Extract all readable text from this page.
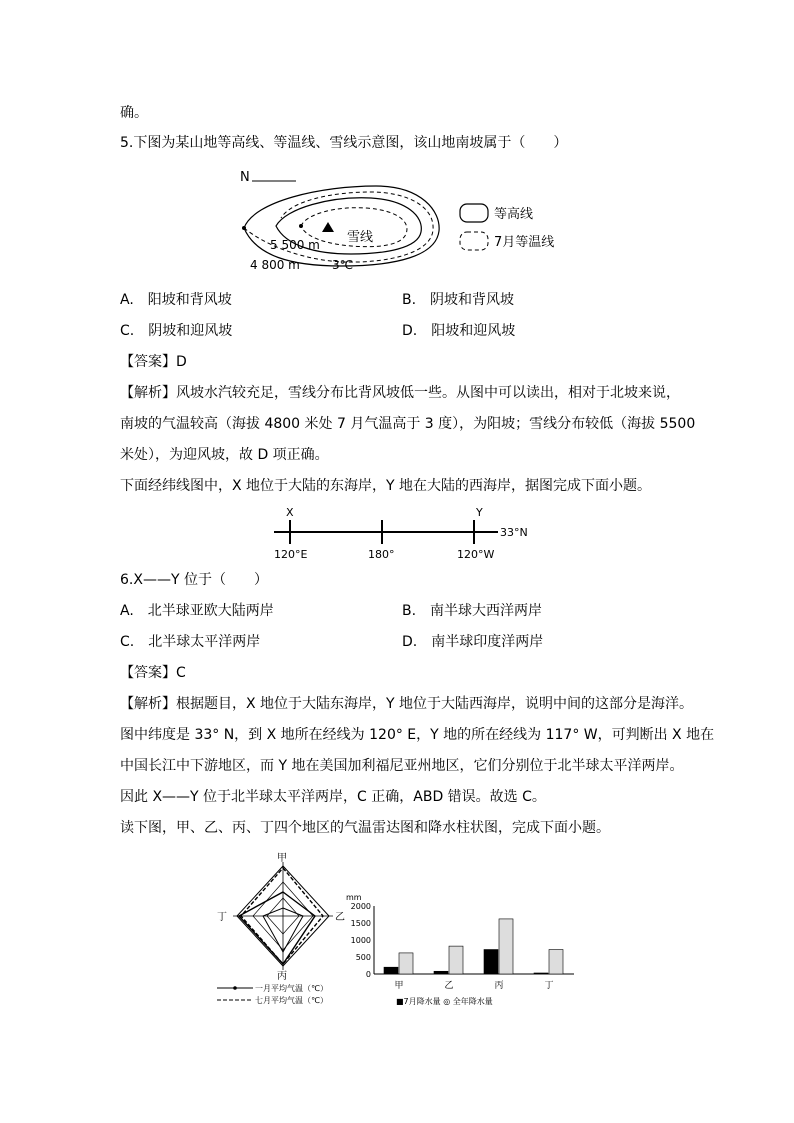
确。
5.下图为某山地等高线、等温线、雪线示意图，该山地南坡属于（　　）
N
雪线
5 500 m
4 800 m	3℃
等高线
7月等温线
A.　阳坡和背风坡	B.　阴坡和背风坡
C.　阴坡和迎风坡	D.　阳坡和迎风坡
【答案】D
【解析】风坡水汽较充足，雪线分布比背风坡低一些。从图中可以读出，相对于北坡来说，
南坡的气温较高（海拔 4800 米处 7 月气温高于 3 度），为阳坡；雪线分布较低（海拔 5500
米处），为迎风坡，故 D 项正确。
下面经纬线图中，X 地位于大陆的东海岸，Y 地在大陆的西海岸，据图完成下面小题。
X	Y
33°N
120°E	180°	120°W
6.X——Y 位于（　　）
A.　北半球亚欧大陆两岸	B.　南半球大西洋两岸
C.　北半球太平洋两岸	D.　南半球印度洋两岸
【答案】C
【解析】根据题目，X 地位于大陆东海岸，Y 地位于大陆西海岸，说明中间的这部分是海洋。
图中纬度是 33° N，到 X 地所在经线为 120° E，Y 地的所在经线为 117° W，可判断出 X 地在
中国长江中下游地区，而 Y 地在美国加利福尼亚州地区，它们分别位于北半球太平洋两岸。
因此 X——Y 位于北半球太平洋两岸，C 正确，ABD 错误。故选 C。
读下图，甲、乙、丙、丁四个地区的气温雷达图和降水柱状图，完成下面小题。
甲
丁	乙
丙
一月平均气温（℃）
七月平均气温（℃）
mm
2000
1500
1000
500
0
甲	乙	丙	丁
■7月降水量 ◎ 全年降水量
